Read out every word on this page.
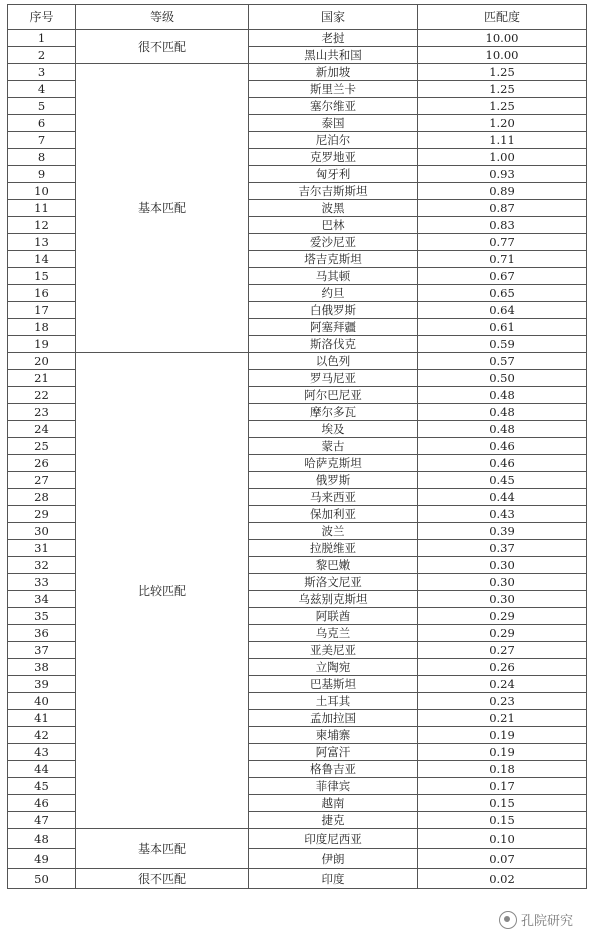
序号	等级	国家	匹配度
1	很不匹配	老挝	10.00
2		黑山共和国	10.00
3	基本匹配	新加坡	1.25
4		斯里兰卡	1.25
5		塞尔维亚	1.25
6		泰国	1.20
7		尼泊尔	1.11
8		克罗地亚	1.00
9		匈牙利	0.93
10		吉尔吉斯斯坦	0.89
11		波黑	0.87
12		巴林	0.83
13		爱沙尼亚	0.77
14		塔吉克斯坦	0.71
15		马其顿	0.67
16		约旦	0.65
17		白俄罗斯	0.64
18		阿塞拜疆	0.61
19		斯洛伐克	0.59
20	比较匹配	以色列	0.57
21		罗马尼亚	0.50
22		阿尔巴尼亚	0.48
23		摩尔多瓦	0.48
24		埃及	0.48
25		蒙古	0.46
26		哈萨克斯坦	0.46
27		俄罗斯	0.45
28		马来西亚	0.44
29		保加利亚	0.43
30		波兰	0.39
31		拉脱维亚	0.37
32		黎巴嫩	0.30
33		斯洛文尼亚	0.30
34		乌兹别克斯坦	0.30
35		阿联酋	0.29
36		乌克兰	0.29
37		亚美尼亚	0.27
38		立陶宛	0.26
39		巴基斯坦	0.24
40		土耳其	0.23
41		孟加拉国	0.21
42		柬埔寨	0.19
43		阿富汗	0.19
44		格鲁吉亚	0.18
45		菲律宾	0.17
46		越南	0.15
47		捷克	0.15
48	基本匹配	印度尼西亚	0.10
49		伊朗	0.07
50	很不匹配	印度	0.02
孔院研究
